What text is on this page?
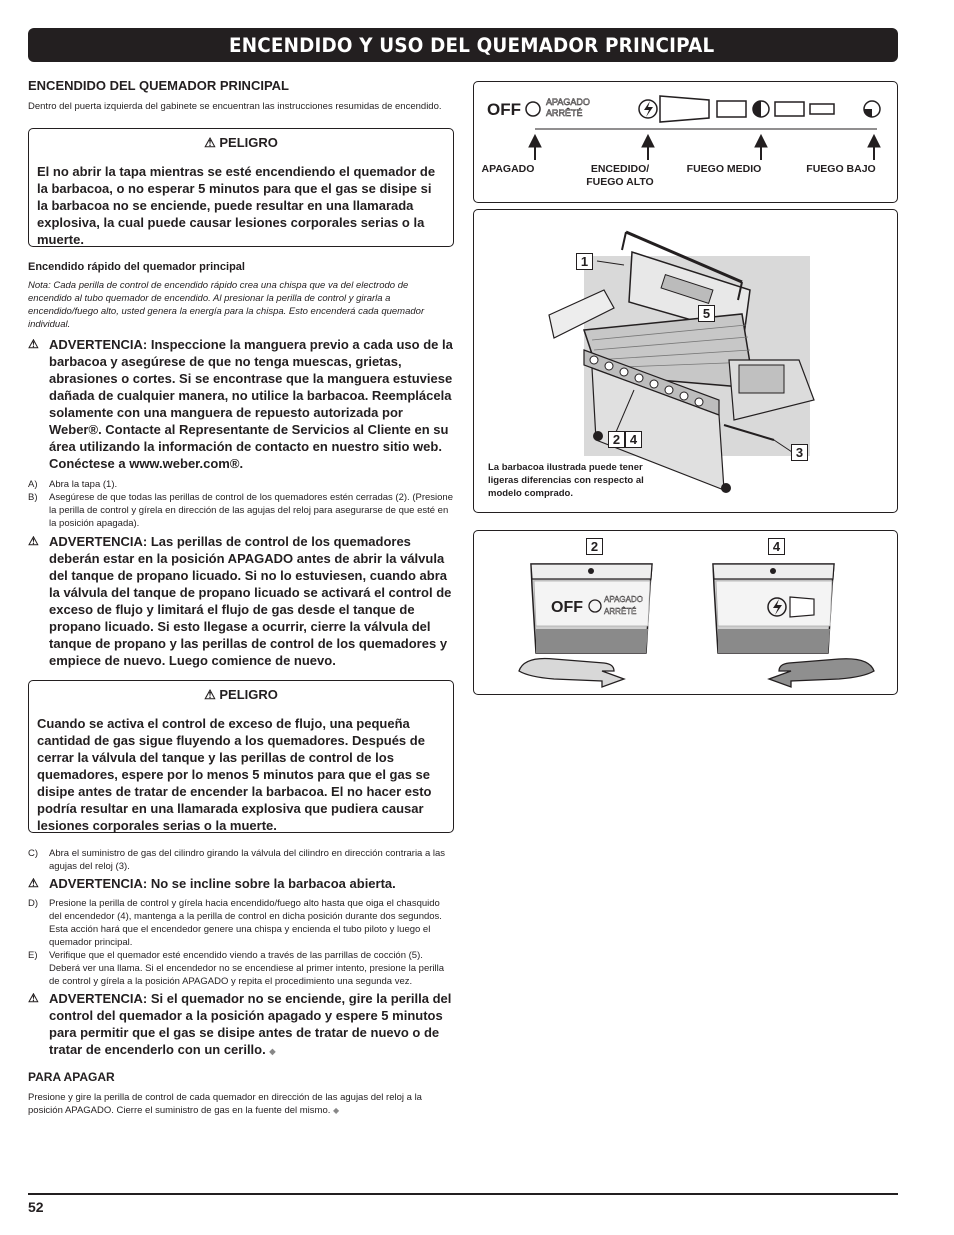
ENCENDIDO Y USO DEL QUEMADOR PRINCIPAL
ENCENDIDO DEL QUEMADOR PRINCIPAL

Dentro del puerta izquierda del gabinete se encuentran las instrucciones resumidas de encendido.

⚠ PELIGRO
El no abrir la tapa mientras se esté encendiendo el quemador de la barbacoa, o no esperar 5 minutos para que el gas se disipe si la barbacoa no se enciende, puede resultar en una llamarada explosiva, la cual puede causar lesiones corporales serias o la muerte.
Encendido rápido del quemador principal

Nota: Cada perilla de control de encendido rápido crea una chispa que va del electrodo de encendido al tubo quemador de encendido. Al presionar la perilla de control y girarla a encendido/fuego alto, usted genera la energía para la chispa. Esto encenderá cada quemador individual.

⚠ ADVERTENCIA: Inspeccione la manguera previo a cada uso de la barbacoa y asegúrese de que no tenga muescas, grietas, abrasiones o cortes. Si se encontrase que la manguera estuviese dañada de cualquier manera, no utilice la barbacoa. Reemplácela solamente con una manguera de repuesto autorizada por Weber®. Contacte al Representante de Servicios al Cliente en su área utilizando la información de contacto en nuestro sitio web. Conéctese a www.weber.com®.
A)	Abra la tapa (1).
B)	Asegúrese de que todas las perillas de control de los quemadores estén cerradas (2). (Presione la perilla de control y gírela en dirección de las agujas del reloj para asegurarse de que esté en la posición apagada).
⚠ ADVERTENCIA: Las perillas de control de los quemadores deberán estar en la posición APAGADO antes de abrir la válvula del tanque de propano licuado. Si no lo estuviesen, cuando abra la válvula del tanque de propano licuado se activará el control de exceso de flujo y limitará el flujo de gas desde el tanque de propano licuado. Si esto llegase a ocurrir, cierre la válvula del tanque de propano y las perillas de control de los quemadores y empiece de nuevo. Luego comience de nuevo.
⚠ PELIGRO
Cuando se activa el control de exceso de flujo, una pequeña cantidad de gas sigue fluyendo a los quemadores. Después de cerrar la válvula del tanque y las perillas de control de los quemadores, espere por lo menos 5 minutos para que el gas se disipe antes de tratar de encender la barbacoa. El no hacer esto podría resultar en una llamarada explosiva que pudiera causar lesiones corporales serias o la muerte.
C)	Abra el suministro de gas del cilindro girando la válvula del cilindro en dirección contraria a las agujas del reloj (3).
⚠ ADVERTENCIA: No se incline sobre la barbacoa abierta.
D)	Presione la perilla de control y gírela hacia encendido/fuego alto hasta que oiga el chasquido del encendedor (4), mantenga a la perilla de control en dicha posición durante dos segundos. Esta acción hará que el encendedor genere una chispa y encienda el tubo piloto y luego el quemador principal.
E)	Verifique que el quemador esté encendido viendo a través de las parrillas de cocción (5). Deberá ver una llama. Si el encendedor no se encendiese al primer intento, presione la perilla de control y gírela a la posición APAGADO y repita el procedimiento una segunda vez.
⚠ ADVERTENCIA: Si el quemador no se enciende, gire la perilla del control del quemador a la posición apagado y espere 5 minutos para permitir que el gas se disipe antes de tratar de nuevo o de tratar de encenderlo con un cerillo. ◆
PARA APAGAR

Presione y gire la perilla de control de cada quemador en dirección de las agujas del reloj a la posición APAGADO. Cierre el suministro de gas en la fuente del mismo. ◆

OFF	APAGADO
ARRÊTÉ
APAGADO	ENCEDIDO/ FUEGO ALTO
FUEGO MEDIO	FUEGO BAJO
1
5
2 4
3
La barbacoa ilustrada puede tener ligeras diferencias con respecto al modelo comprado.
2	4
OFF	APAGADO
ARRÊTÉ
52
